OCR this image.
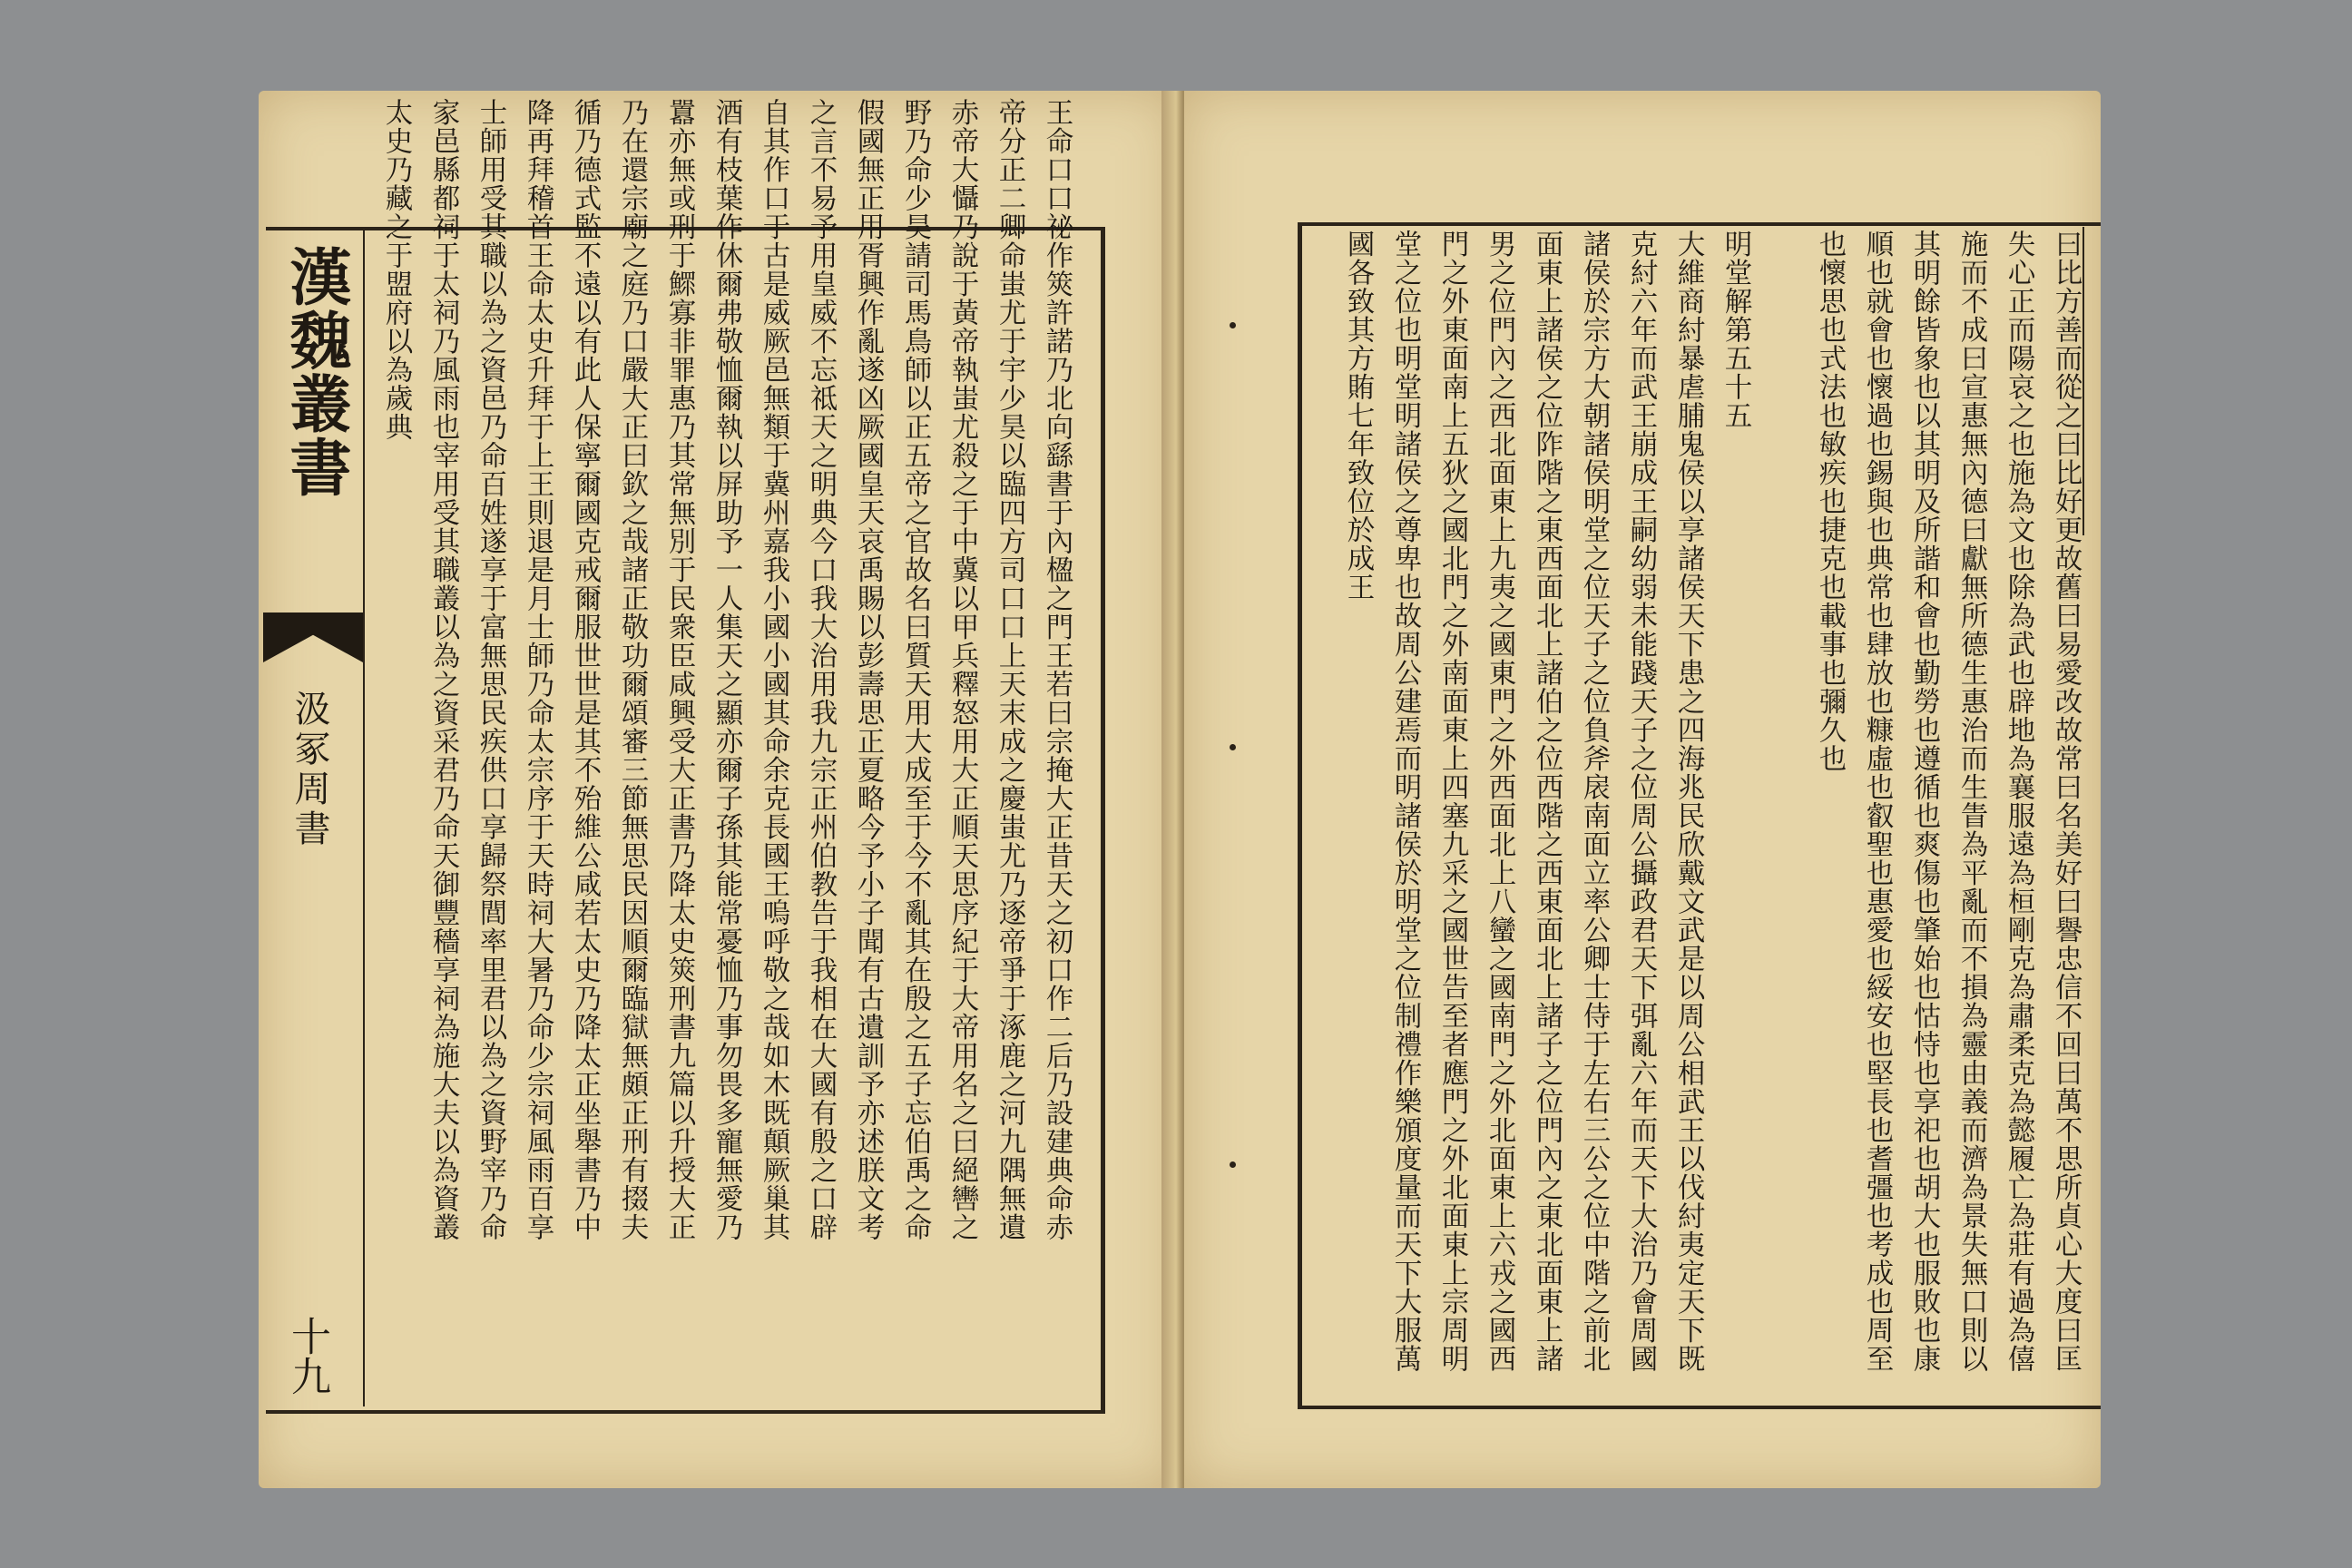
漢魏叢書
汲冢周書
十九
王命口口祕作筴許諾乃北向繇書于內楹之門王若曰宗掩大正昔天之初口作二后乃設建典命赤帝分正二卿命蚩尤于宇少昊以臨四方司口口上天末成之慶蚩尤乃逐帝爭于涿鹿之河九隅無遺赤帝大懾乃說于黃帝執蚩尤殺之于中冀以甲兵釋怒用大正順天思序紀于大帝用名之曰絕轡之野乃命少昊請司馬鳥師以正五帝之官故名曰質天用大成至于今不亂其在殷之五子忘伯禹之命假國無正用胥興作亂遂凶厥國皇天哀禹賜以彭壽思正夏略今予小子聞有古遺訓予亦述朕文考之言不易予用皇威不忘祗天之明典今口我大治用我九宗正州伯教告于我相在大國有殷之口辟自其作口于古是威厥邑無類于冀州嘉我小國小國其命余克長國王嗚呼敬之哉如木既顛厥巢其酒有枝葉作休爾弗敬恤爾執以屏助予一人集天之顯亦爾子孫其能常憂恤乃事勿畏多寵無愛乃囂亦無或刑于鰥寡非罪惠乃其常無別于民衆臣咸興受大正書乃降太史筴刑書九篇以升授大正乃在還宗廟之庭乃口嚴大正曰欽之哉諸正敬功爾頌審三節無思民因順爾臨獄無頗正刑有掇夫循乃德式監不遠以有此人保寧爾國克戒爾服世世是其不殆維公咸若太史乃降太正坐舉書乃中降再拜稽首王命太史升拜于上王則退是月士師乃命太宗序于天時祠大暑乃命少宗祠風雨百享士師用受其職以為之資邑乃命百姓遂享于富無思民疾供口享歸祭閭率里君以為之資野宰乃命家邑縣都祠于太祠乃風雨也宰用受其職叢以為之資采君乃命天御豐穡享祠為施大夫以為資叢太史乃藏之于盟府以為歲典	曰比方善而從之曰比好更故舊曰易愛改故常曰名美好曰譽忠信不回曰萬不思所貞心大度曰匡失心正而陽哀之也施為文也除為武也辟地為襄服遠為桓剛克為肅柔克為懿履亡為莊有過為僖施而不成曰宣惠無內德曰獻無所德生惠治而生眚為平亂而不損為靈由義而濟為景失無口則以其明餘皆象也以其明及所諧和會也勤勞也遵循也爽傷也肇始也怙恃也享祀也胡大也服敗也康順也就會也懷過也錫與也典常也肆放也糠虛也叡聖也惠愛也綏安也堅長也耆彊也考成也周至也懷思也式法也敏疾也捷克也載事也彌久也

明堂解第五十五
大維商紂暴虐脯鬼侯以享諸侯天下患之四海兆民欣戴文武是以周公相武王以伐紂夷定天下既克紂六年而武王崩成王嗣幼弱未能踐天子之位周公攝政君天下弭亂六年而天下大治乃會周國諸侯於宗方大朝諸侯明堂之位天子之位負斧扆南面立率公卿士侍于左右三公之位中階之前北面東上諸侯之位阼階之東西面北上諸伯之位西階之西東面北上諸子之位門內之東北面東上諸男之位門內之西北面東上九夷之國東門之外西面北上八蠻之國南門之外北面東上六戎之國西門之外東面南上五狄之國北門之外南面東上四塞九采之國世告至者應門之外北面東上宗周明堂之位也明堂明諸侯之尊卑也故周公建焉而明諸侯於明堂之位制禮作樂頒度量而天下大服萬國各致其方賄七年致位於成王
